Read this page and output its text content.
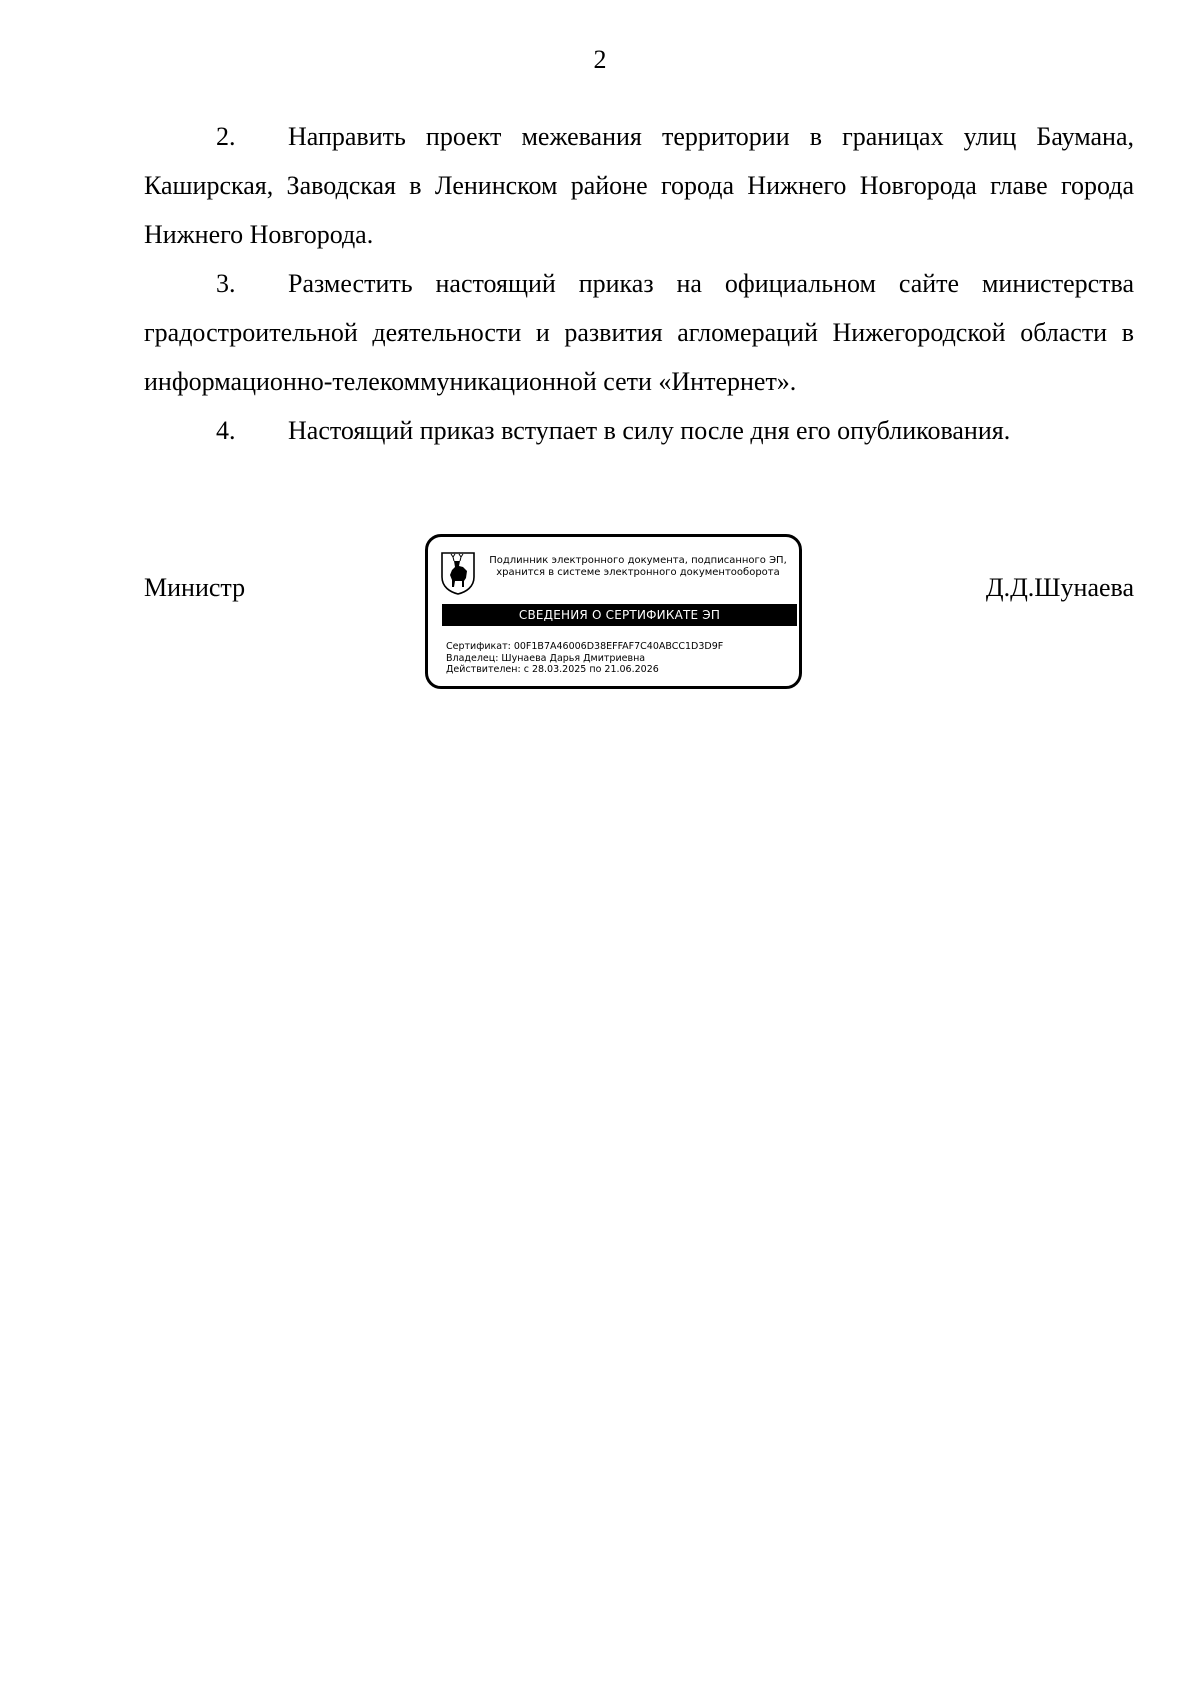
2

2. Направить проект межевания территории в границах улиц Баумана, Каширская, Заводская в Ленинском районе города Нижнего Новгорода главе города Нижнего Новгорода.

3. Разместить настоящий приказ на официальном сайте министерства градостроительной деятельности и развития агломераций Нижегородской области в информационно-телекоммуникационной сети «Интернет».

4. Настоящий приказ вступает в силу после дня его опубликования.

Министр	Д.Д.Шунаева
Подлинник электронного документа, подписанного ЭП,
хранится в системе электронного документооборота
СВЕДЕНИЯ О СЕРТИФИКАТЕ ЭП
Сертификат: 00F1B7A46006D38EFFAF7C40ABCC1D3D9F
Владелец: Шунаева Дарья Дмитриевна
Действителен: с 28.03.2025 по 21.06.2026
